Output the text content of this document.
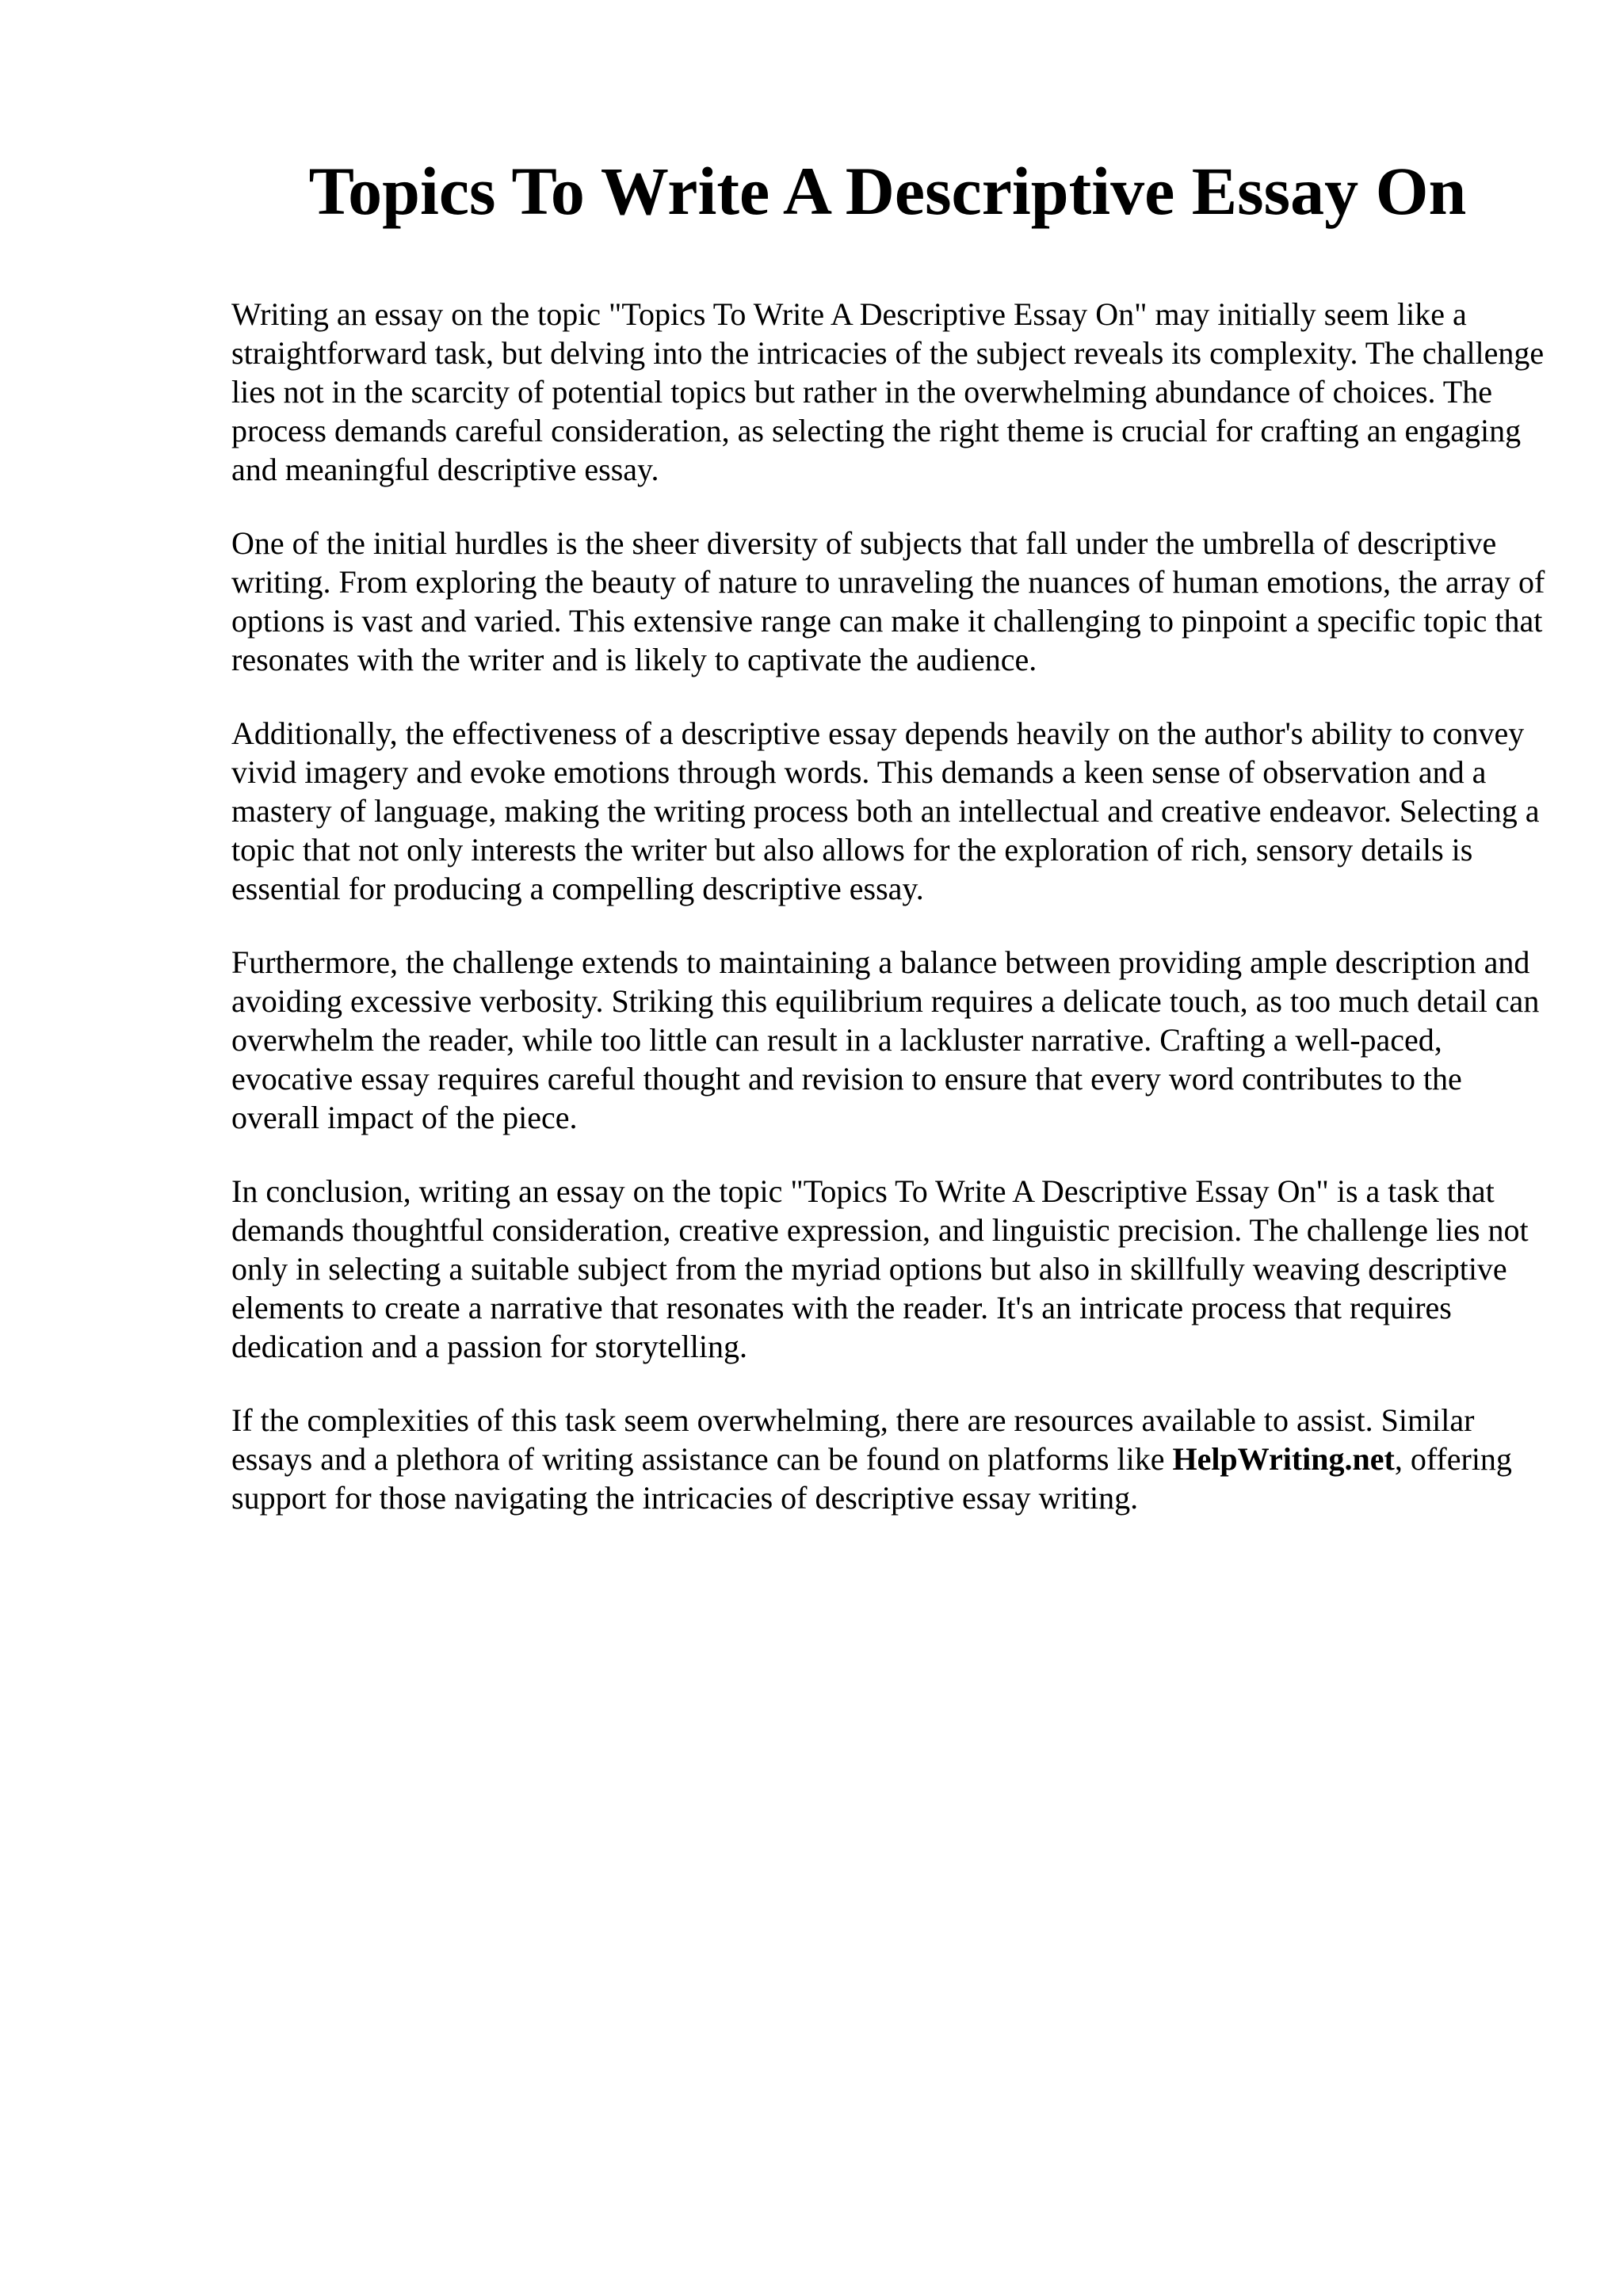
Topics To Write A Descriptive Essay On

Writing an essay on the topic "Topics To Write A Descriptive Essay On" may initially seem like a straightforward task, but delving into the intricacies of the subject reveals its complexity. The challenge lies not in the scarcity of potential topics but rather in the overwhelming abundance of choices. The process demands careful consideration, as selecting the right theme is crucial for crafting an engaging and meaningful descriptive essay.

One of the initial hurdles is the sheer diversity of subjects that fall under the umbrella of descriptive writing. From exploring the beauty of nature to unraveling the nuances of human emotions, the array of options is vast and varied. This extensive range can make it challenging to pinpoint a specific topic that resonates with the writer and is likely to captivate the audience.

Additionally, the effectiveness of a descriptive essay depends heavily on the author's ability to convey vivid imagery and evoke emotions through words. This demands a keen sense of observation and a mastery of language, making the writing process both an intellectual and creative endeavor. Selecting a topic that not only interests the writer but also allows for the exploration of rich, sensory details is essential for producing a compelling descriptive essay.

Furthermore, the challenge extends to maintaining a balance between providing ample description and avoiding excessive verbosity. Striking this equilibrium requires a delicate touch, as too much detail can overwhelm the reader, while too little can result in a lackluster narrative. Crafting a well-paced, evocative essay requires careful thought and revision to ensure that every word contributes to the overall impact of the piece.

In conclusion, writing an essay on the topic "Topics To Write A Descriptive Essay On" is a task that demands thoughtful consideration, creative expression, and linguistic precision. The challenge lies not only in selecting a suitable subject from the myriad options but also in skillfully weaving descriptive elements to create a narrative that resonates with the reader. It's an intricate process that requires dedication and a passion for storytelling.

If the complexities of this task seem overwhelming, there are resources available to assist. Similar essays and a plethora of writing assistance can be found on platforms like HelpWriting.net, offering support for those navigating the intricacies of descriptive essay writing.
